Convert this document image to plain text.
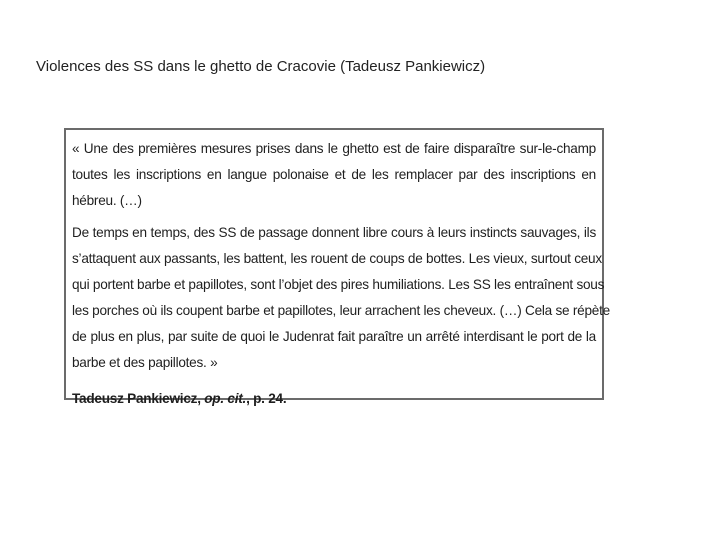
Violences des SS dans le ghetto de Cracovie (Tadeusz Pankiewicz)
« Une des premières mesures prises dans le ghetto est de faire disparaître sur-le-champ
toutes les inscriptions en langue polonaise et de les remplacer par des inscriptions en
hébreu. (…)
De temps en temps, des SS de passage donnent libre cours à leurs instincts sauvages, ils
s’attaquent aux passants, les battent, les rouent de coups de bottes. Les vieux, surtout ceux
qui portent barbe et papillotes, sont l’objet des pires humiliations. Les SS les entraînent sous
les porches où ils coupent barbe et papillotes, leur arrachent les cheveux. (…) Cela se répète
de plus en plus, par suite de quoi le Judenrat fait paraître un arrêté interdisant le port de la
barbe et des papillotes. »
Tadeusz Pankiewicz, op. cit., p. 24.
